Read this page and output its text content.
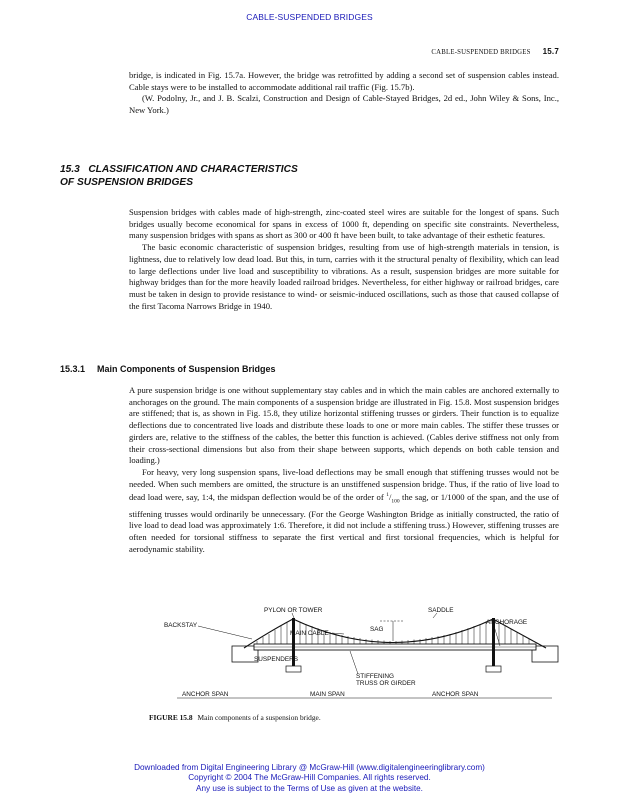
CABLE-SUSPENDED BRIDGES
CABLE-SUSPENDED BRIDGES 15.7

bridge, is indicated in Fig. 15.7a. However, the bridge was retrofitted by adding a second set of suspension cables instead. Cable stays were to be installed to accommodate additional rail traffic (Fig. 15.7b).

(W. Podolny, Jr., and J. B. Scalzi, Construction and Design of Cable-Stayed Bridges, 2d ed., John Wiley & Sons, Inc., New York.)

15.3 CLASSIFICATION AND CHARACTERISTICS
OF SUSPENSION BRIDGES

Suspension bridges with cables made of high-strength, zinc-coated steel wires are suitable for the longest of spans. Such bridges usually become economical for spans in excess of 1000 ft, depending on specific site constraints. Nevertheless, many suspension bridges with spans as short as 300 or 400 ft have been built, to take advantage of their esthetic features.

The basic economic characteristic of suspension bridges, resulting from use of high-strength materials in tension, is lightness, due to relatively low dead load. But this, in turn, carries with it the structural penalty of flexibility, which can lead to large deflections under live load and susceptibility to vibrations. As a result, suspension bridges are more suitable for highway bridges than for the more heavily loaded railroad bridges. Nevertheless, for either highway or railroad bridges, care must be taken in design to provide resistance to wind- or seismic-induced oscillations, such as those that caused collapse of the first Tacoma Narrows Bridge in 1940.

15.3.1 Main Components of Suspension Bridges

A pure suspension bridge is one without supplementary stay cables and in which the main cables are anchored externally to anchorages on the ground. The main components of a suspension bridge are illustrated in Fig. 15.8. Most suspension bridges are stiffened; that is, as shown in Fig. 15.8, they utilize horizontal stiffening trusses or girders. Their function is to equalize deflections due to concentrated live loads and distribute these loads to one or more main cables. The stiffer these trusses or girders are, relative to the stiffness of the cables, the better this function is achieved. (Cables derive stiffness not only from their cross-sectional dimensions but also from their shape between supports, which depends on both cable tension and loading.)

For heavy, very long suspension spans, live-load deflections may be small enough that stiffening trusses would not be needed. When such members are omitted, the structure is an unstiffened suspension bridge. Thus, if the ratio of live load to dead load were, say, 1:4, the midspan deflection would be of the order of $^1/_{100}$ the sag, or 1/1000 of the span, and the use of stiffening trusses would ordinarily be unnecessary. (For the George Washington Bridge as initially constructed, the ratio of live load to dead load was approximately 1:6. Therefore, it did not include a stiffening truss.) However, stiffening trusses are often needed for torsional stiffness to separate the first vertical and first torsional frequencies, which is helpful for aerodynamic stability.

PYLON OR TOWER	SADDLE
BACKSTAY	ANCHORAGE
MAIN CABLE
SAG
SUSPENDERS
STIFFENING
TRUSS OR GIRDER
ANCHOR SPAN	MAIN SPAN	ANCHOR SPAN
FIGURE 15.8 Main components of a suspension bridge.
Downloaded from Digital Engineering Library @ McGraw-Hill (www.digitalengineeringlibrary.com)
Copyright © 2004 The McGraw-Hill Companies. All rights reserved.
Any use is subject to the Terms of Use as given at the website.
